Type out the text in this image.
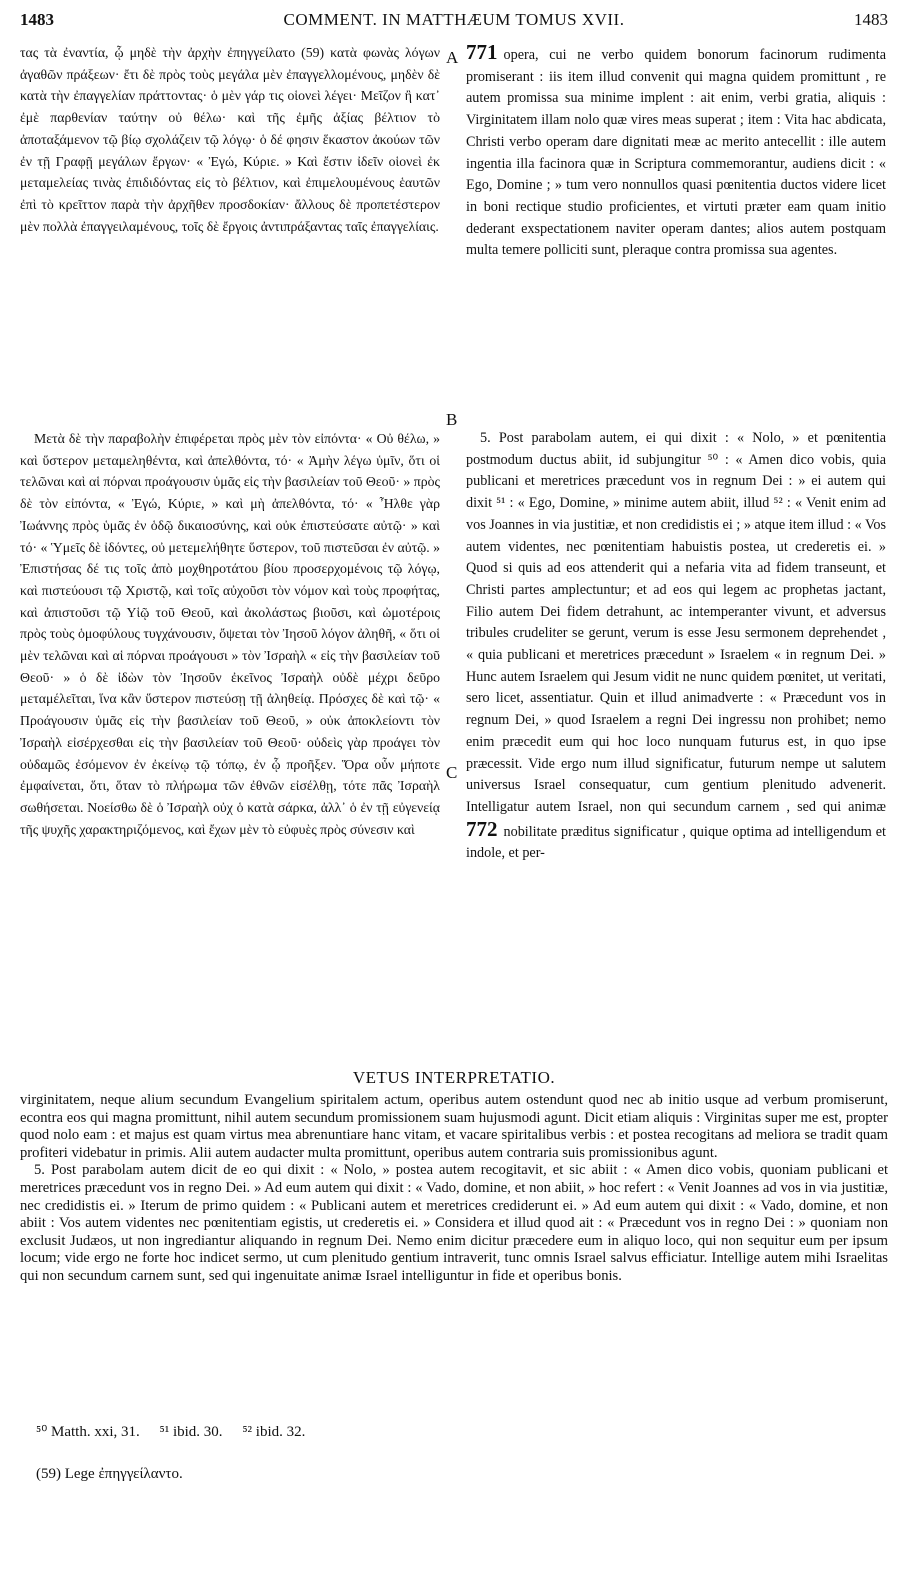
1483	COMMENT. IN MATTHÆUM TOMUS XVII.	1483

τας τὰ ἐναντία, ᾧ μηδὲ τὴν ἀρχὴν ἐπηγγείλατο (59) κατὰ φωνὰς λόγων ἀγαθῶν πράξεων· ἔτι δὲ πρὸς τοὺς μεγάλα μὲν ἐπαγγελλομένους, μηδὲν δὲ κατὰ τὴν ἐπαγγελίαν πράττοντας· ὁ μὲν γάρ τις οἱονεὶ λέγει· Μεῖζον ἢ κατ᾽ ἐμὲ παρθενίαν ταύτην οὐ θέλω· καὶ τῆς ἐμῆς ἀξίας βέλτιον τὸ ἀποταξάμενον τῷ βίῳ σχολάζειν τῷ λόγῳ· ὁ δέ φησιν ἕκαστον ἀκούων τῶν ἐν τῇ Γραφῇ μεγάλων ἔργων· « Ἐγώ, Κύριε. » Καὶ ἔστιν ἰδεῖν οἱονεὶ ἐκ μεταμελείας τινὰς ἐπιδιδόντας εἰς τὸ βέλτιον, καὶ ἐπιμελουμένους ἑαυτῶν ἐπὶ τὸ κρεῖττον παρὰ τὴν ἀρχῆθεν προσδοκίαν· ἄλλους δὲ προπετέστερον μὲν πολλὰ ἐπαγγειλαμένους, τοῖς δὲ ἔργοις ἀντιπράξαντας ταῖς ἐπαγγελίαις.

Μετὰ δὲ τὴν παραβολὴν ἐπιφέρεται πρὸς μὲν τὸν εἰπόντα· « Οὐ θέλω, » καὶ ὕστερον μεταμεληθέντα, καὶ ἀπελθόντα, τό· « Ἀμὴν λέγω ὑμῖν, ὅτι οἱ τελῶναι καὶ αἱ πόρναι προάγουσιν ὑμᾶς εἰς τὴν βασιλείαν τοῦ Θεοῦ· » πρὸς δὲ τὸν εἰπόντα, « Ἐγώ, Κύριε, » καὶ μὴ ἀπελθόντα, τό· « Ἦλθε γὰρ Ἰωάννης πρὸς ὑμᾶς ἐν ὁδῷ δικαιοσύνης, καὶ οὐκ ἐπιστεύσατε αὐτῷ· » καὶ τό· « Ὑμεῖς δὲ ἰδόντες, οὐ μετεμελήθητε ὕστερον, τοῦ πιστεῦσαι ἐν αὐτῷ. » Ἐπιστήσας δέ τις τοῖς ἀπὸ μοχθηροτάτου βίου προσερχομένοις τῷ λόγῳ, καὶ πιστεύουσι τῷ Χριστῷ, καὶ τοῖς αὐχοῦσι τὸν νόμον καὶ τοὺς προφήτας, καὶ ἀπιστοῦσι τῷ Υἱῷ τοῦ Θεοῦ, καὶ ἀκολάστως βιοῦσι, καὶ ὠμοτέροις πρὸς τοὺς ὁμοφύλους τυγχάνουσιν, ὄψεται τὸν Ἰησοῦ λόγον ἀληθῆ, « ὅτι οἱ μὲν τελῶναι καὶ αἱ πόρναι προάγουσι » τὸν Ἰσραὴλ « εἰς τὴν βασιλείαν τοῦ Θεοῦ· » ὁ δὲ ἰδὼν τὸν Ἰησοῦν ἐκεῖνος Ἰσραὴλ οὐδὲ μέχρι δεῦρο μεταμέλεῖται, ἵνα κἂν ὕστερον πιστεύσῃ τῇ ἀληθείᾳ. Πρόσχες δὲ καὶ τῷ· « Προάγουσιν ὑμᾶς εἰς τὴν βασιλείαν τοῦ Θεοῦ, » οὐκ ἀποκλείοντι τὸν Ἰσραὴλ εἰσέρχεσθαι εἰς τὴν βασιλείαν τοῦ Θεοῦ· οὐδεὶς γὰρ προάγει τὸν οὐδαμῶς ἐσόμενον ἐν ἐκείνῳ τῷ τόπῳ, ἐν ᾧ προῆξεν. Ὅρα οὖν μήποτε ἐμφαίνεται, ὅτι, ὅταν τὸ πλήρωμα τῶν ἐθνῶν εἰσέλθῃ, τότε πᾶς Ἰσραὴλ σωθήσεται. Νοείσθω δὲ ὁ Ἰσραὴλ οὐχ ὁ κατὰ σάρκα, ἀλλ᾽ ὁ ἐν τῇ εὐγενείᾳ τῆς ψυχῆς χαρακτηριζόμενος, καὶ ἔχων μὲν τὸ εὐφυὲς πρὸς σύνεσιν καὶ

A
B
C

771 opera, cui ne verbo quidem bonorum facinorum rudimenta promiserant : iis item illud convenit qui magna quidem promittunt , re autem promissa sua minime implent : ait enim, verbi gratia, aliquis : Virginitatem illam nolo quæ vires meas superat ; item : Vita hac abdicata, Christi verbo operam dare dignitati meæ ac merito antecellit : ille autem ingentia illa facinora quæ in Scriptura commemorantur, audiens dicit : « Ego, Domine ; » tum vero nonnullos quasi pœnitentia ductos videre licet in boni rectique studio proficientes, et virtuti præter eam quam initio dederant exspectationem naviter operam dantes; alios autem postquam multa temere polliciti sunt, pleraque contra promissa sua agentes.

5. Post parabolam autem, ei qui dixit : « Nolo, » et pœnitentia postmodum ductus abiit, id subjungitur ⁵⁰ : « Amen dico vobis, quia publicani et meretrices præcedunt vos in regnum Dei : » ei autem qui dixit ⁵¹ : « Ego, Domine, » minime autem abiit, illud ⁵² : « Venit enim ad vos Joannes in via justitiæ, et non credidistis ei ; » atque item illud : « Vos autem videntes, nec pœnitentiam habuistis postea, ut crederetis ei. » Quod si quis ad eos attenderit qui a nefaria vita ad fidem transeunt, et Christi partes amplectuntur; et ad eos qui legem ac prophetas jactant, Filio autem Dei fidem detrahunt, ac intemperanter vivunt, et adversus tribules crudeliter se gerunt, verum is esse Jesu sermonem deprehendet , « quia publicani et meretrices præcedunt » Israelem « in regnum Dei. » Hunc autem Israelem qui Jesum vidit ne nunc quidem pœnitet, ut veritati, sero licet, assentiatur. Quin et illud animadverte : « Præcedunt vos in regnum Dei, » quod Israelem a regni Dei ingressu non prohibet; nemo enim præcedit eum qui hoc loco nunquam futurus est, in quo ipse præcessit. Vide ergo num illud significatur, futurum nempe ut salutem universus Israel consequatur, cum gentium plenitudo advenerit. Intelligatur autem Israel, non qui secundum carnem , sed qui animæ 772 nobilitate præditus significatur , quique optima ad intelligendum et indole, et per-

VETUS INTERPRETATIO.

virginitatem, neque alium secundum Evangelium spiritalem actum, operibus autem ostendunt quod nec ab initio usque ad verbum promiserunt, econtra eos qui magna promittunt, nihil autem secundum promissionem suam hujusmodi agunt. Dicit etiam aliquis : Virginitas super me est, propter quod nolo eam : et majus est quam virtus mea abrenuntiare hanc vitam, et vacare spiritalibus verbis : et postea recogitans ad meliora se tradit quam profiteri videbatur in primis. Alii autem audacter multa promittunt, operibus autem contraria suis promissionibus agunt.

5. Post parabolam autem dicit de eo qui dixit : « Nolo, » postea autem recogitavit, et sic abiit : « Amen dico vobis, quoniam publicani et meretrices præcedunt vos in regno Dei. » Ad eum autem qui dixit : « Vado, domine, et non abiit, » hoc refert : « Venit Joannes ad vos in via justitiæ, nec credidistis ei. » Iterum de primo quidem : « Publicani autem et meretrices crediderunt ei. » Ad eum autem qui dixit : « Vado, domine, et non abiit : Vos autem videntes nec pœnitentiam egistis, ut crederetis ei. » Considera et illud quod ait : « Præcedunt vos in regno Dei : » quoniam non exclusit Judæos, ut non ingrediantur aliquando in regnum Dei. Nemo enim dicitur præcedere eum in aliquo loco, qui non sequitur eum per ipsum locum; vide ergo ne forte hoc indicet sermo, ut cum plenitudo gentium intraverit, tunc omnis Israel salvus efficiatur. Intellige autem mihi Israelitas qui non secundum carnem sunt, sed qui ingenuitate animæ Israel intelliguntur in fide et operibus bonis.

⁵⁰ Matth. xxi, 31. ⁵¹ ibid. 30. ⁵² ibid. 32.
(59) Lege ἐπηγγείλαντο.
